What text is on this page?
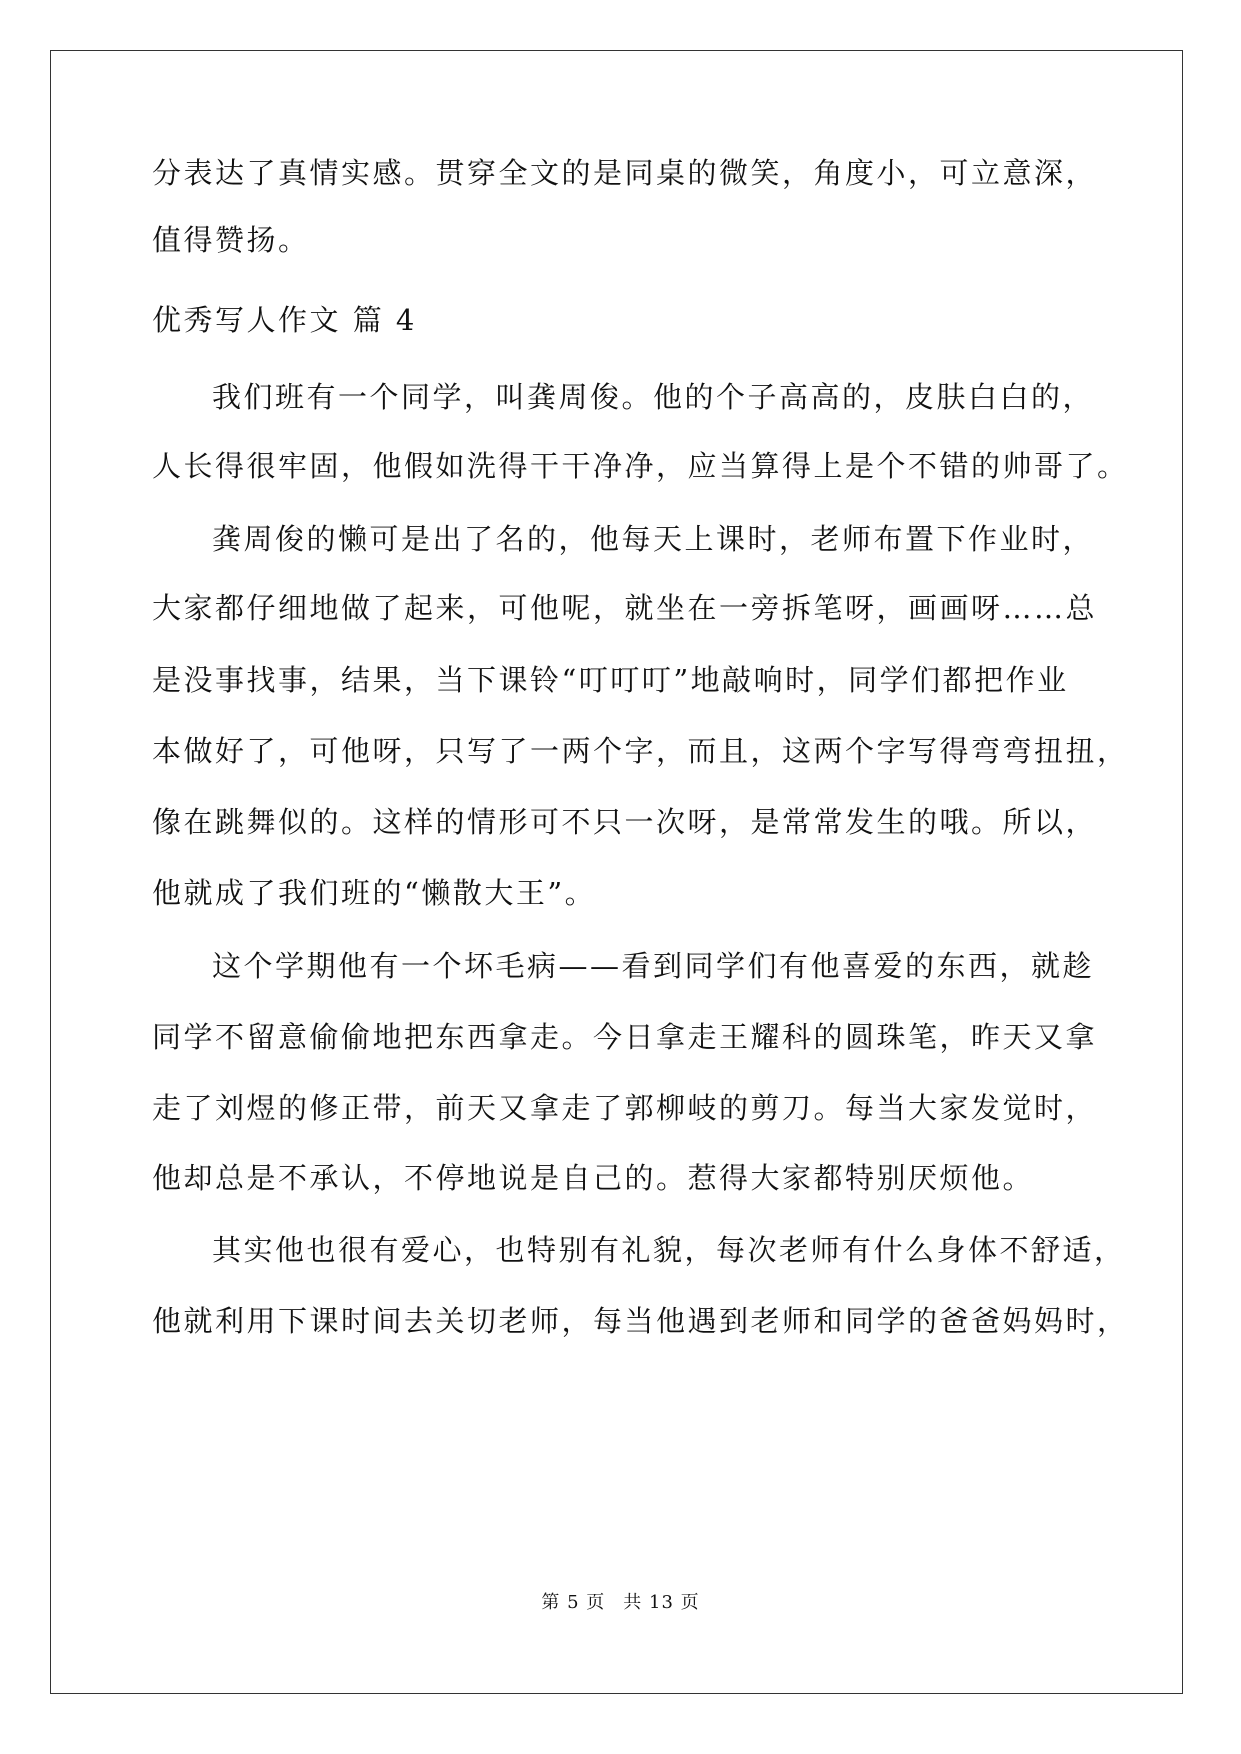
分表达了真情实感。贯穿全文的是同桌的微笑，角度小，可立意深，
值得赞扬。
优秀写人作文 篇 4
我们班有一个同学，叫龚周俊。他的个子高高的，皮肤白白的，
人长得很牢固，他假如洗得干干净净，应当算得上是个不错的帅哥了。
龚周俊的懒可是出了名的，他每天上课时，老师布置下作业时，
大家都仔细地做了起来，可他呢，就坐在一旁拆笔呀，画画呀……总
是没事找事，结果，当下课铃“叮叮叮”地敲响时，同学们都把作业
本做好了，可他呀，只写了一两个字，而且，这两个字写得弯弯扭扭，
像在跳舞似的。这样的情形可不只一次呀，是常常发生的哦。所以，
他就成了我们班的“懒散大王”。
这个学期他有一个坏毛病——看到同学们有他喜爱的东西，就趁
同学不留意偷偷地把东西拿走。今日拿走王耀科的圆珠笔，昨天又拿
走了刘煜的修正带，前天又拿走了郭柳岐的剪刀。每当大家发觉时，
他却总是不承认，不停地说是自己的。惹得大家都特别厌烦他。
其实他也很有爱心，也特别有礼貌，每次老师有什么身体不舒适，
他就利用下课时间去关切老师，每当他遇到老师和同学的爸爸妈妈时，
第 5 页 共 13 页
